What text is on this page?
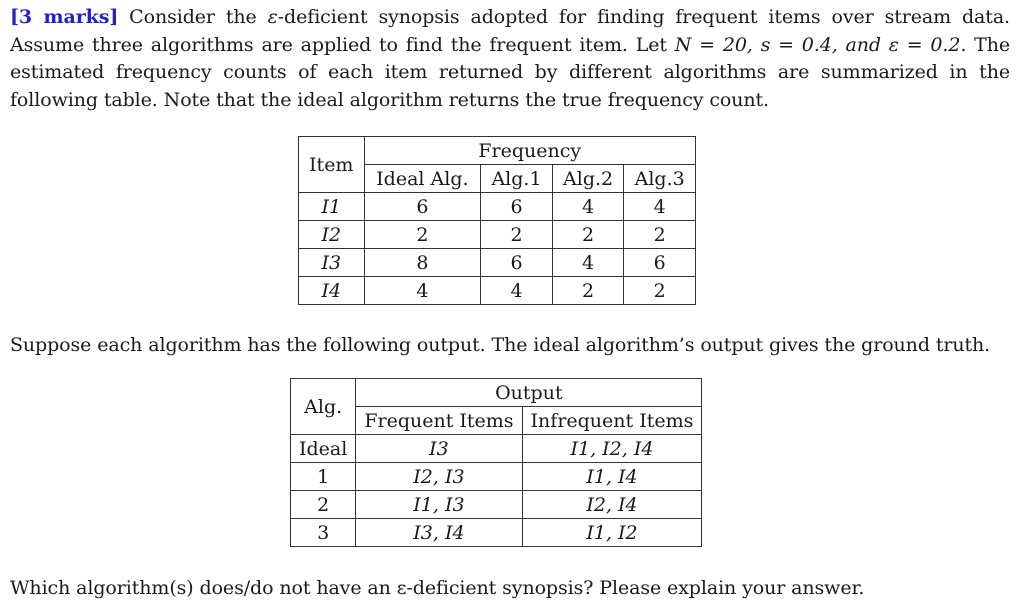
[3 marks] Consider the ε-deficient synopsis adopted for finding frequent items over stream data. Assume three algorithms are applied to find the frequent item. Let N = 20, s = 0.4, and ε = 0.2. The estimated frequency counts of each item returned by different algorithms are summarized in the following table. Note that the ideal algorithm returns the true frequency count.
Item	Frequency			
	Ideal Alg.	Alg.1	Alg.2	Alg.3
I1	6	6	4	4
I2	2	2	2	2
I3	8	6	4	6
I4	4	4	2	2
Suppose each algorithm has the following output. The ideal algorithm’s output gives the ground truth.
Alg.	Output	
	Frequent Items	Infrequent Items
Ideal	I3	I1, I2, I4
1	I2, I3	I1, I4
2	I1, I3	I2, I4
3	I3, I4	I1, I2
Which algorithm(s) does/do not have an ε-deficient synopsis? Please explain your answer.
